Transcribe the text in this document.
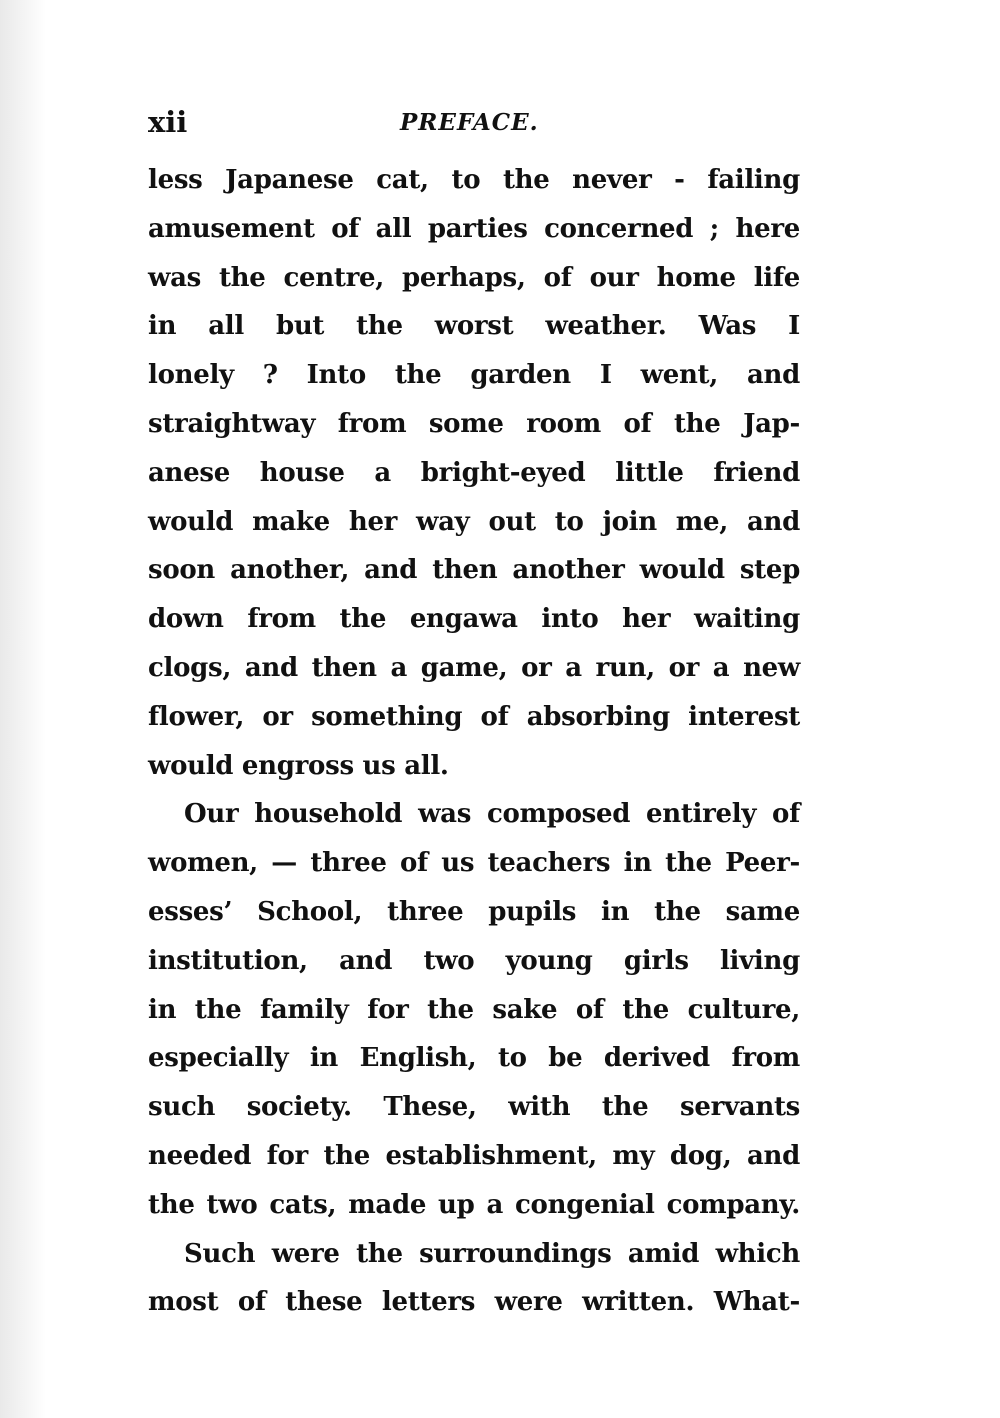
xii	PREFACE.
less Japanese cat, to the never - failing
amusement of all parties concerned ; here
was the centre, perhaps, of our home life
in all but the worst weather. Was I
lonely ? Into the garden I went, and
straightway from some room of the Jap-
anese house a bright-eyed little friend
would make her way out to join me, and
soon another, and then another would step
down from the engawa into her waiting
clogs, and then a game, or a run, or a new
flower, or something of absorbing interest
would engross us all.
Our household was composed entirely of
women, — three of us teachers in the Peer-
esses’ School, three pupils in the same
institution, and two young girls living
in the family for the sake of the culture,
especially in English, to be derived from
such society. These, with the servants
needed for the establishment, my dog, and
the two cats, made up a congenial company.
Such were the surroundings amid which
most of these letters were written. What-
